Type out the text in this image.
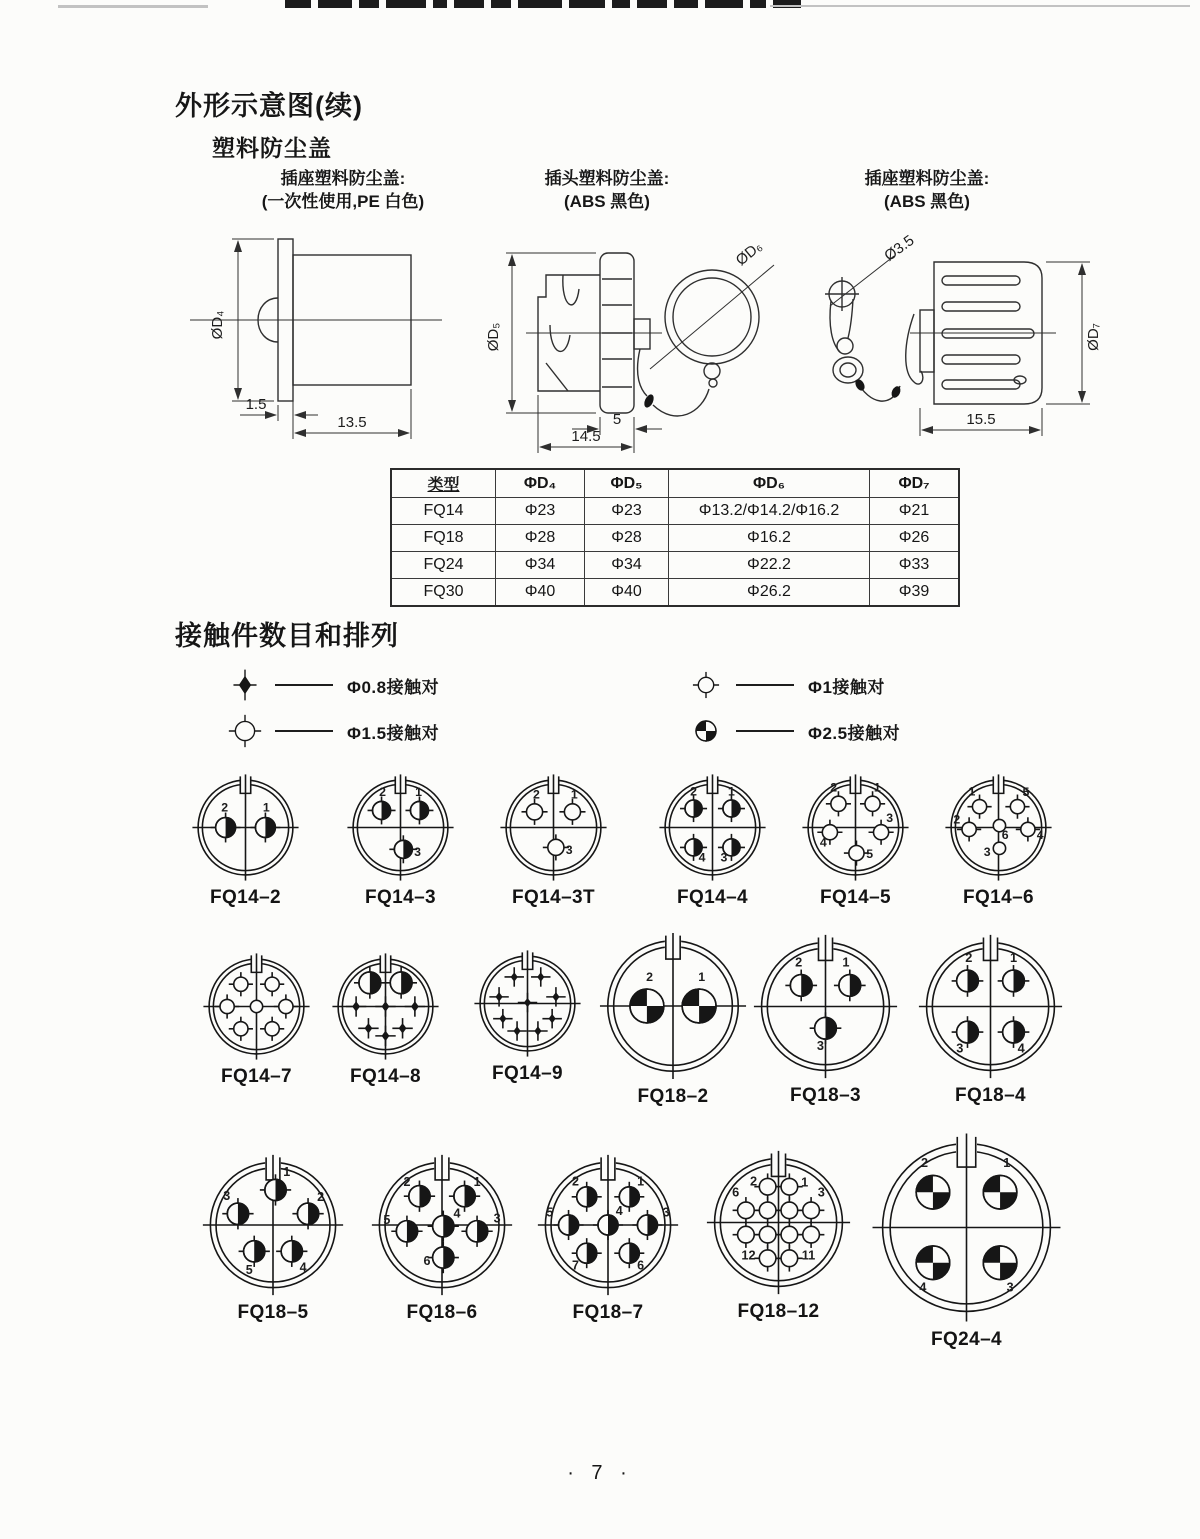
外形示意图(续)
塑料防尘盖
插座塑料防尘盖:
(一次性使用,PE 白色)
插头塑料防尘盖:
(ABS 黑色)
插座塑料防尘盖:
(ABS 黑色)
ØD₄
1.5
13.5
ØD₆
ØD₅
5
14.5
Ø3.5
ØD₇
15.5
类型	ΦD₄	ΦD₅	ΦD₆	ΦD₇
FQ14	Φ23	Φ23	Φ13.2/Φ14.2/Φ16.2	Φ21
FQ18	Φ28	Φ28	Φ16.2	Φ26
FQ24	Φ34	Φ34	Φ22.2	Φ33
FQ30	Φ40	Φ40	Φ26.2	Φ39
接触件数目和排列
Φ0.8接触对
Φ1.5接触对
Φ1接触对
Φ2.5接触对
2 1
FQ14–2
2 1
3
FQ14–3
2 1
3
FQ14–3T
2 1
4 3
FQ14–4
2 1
4
3
5
FQ14–5
1 5
2
6 4
3
FQ14–6
FQ14–7	FQ14–8	FQ14–9
2 1
FQ18–2
2 1
3
FQ18–3
2 1
3	4
FQ18–4
1
3	2
5 4
FQ18–5
2	1
5	4 3
6
FQ18–6
2	1
5	4 3
7	6
FQ18–7
2 1
6	3
12 11
FQ18–12
2	1
4	3
FQ24–4
· 7 ·
